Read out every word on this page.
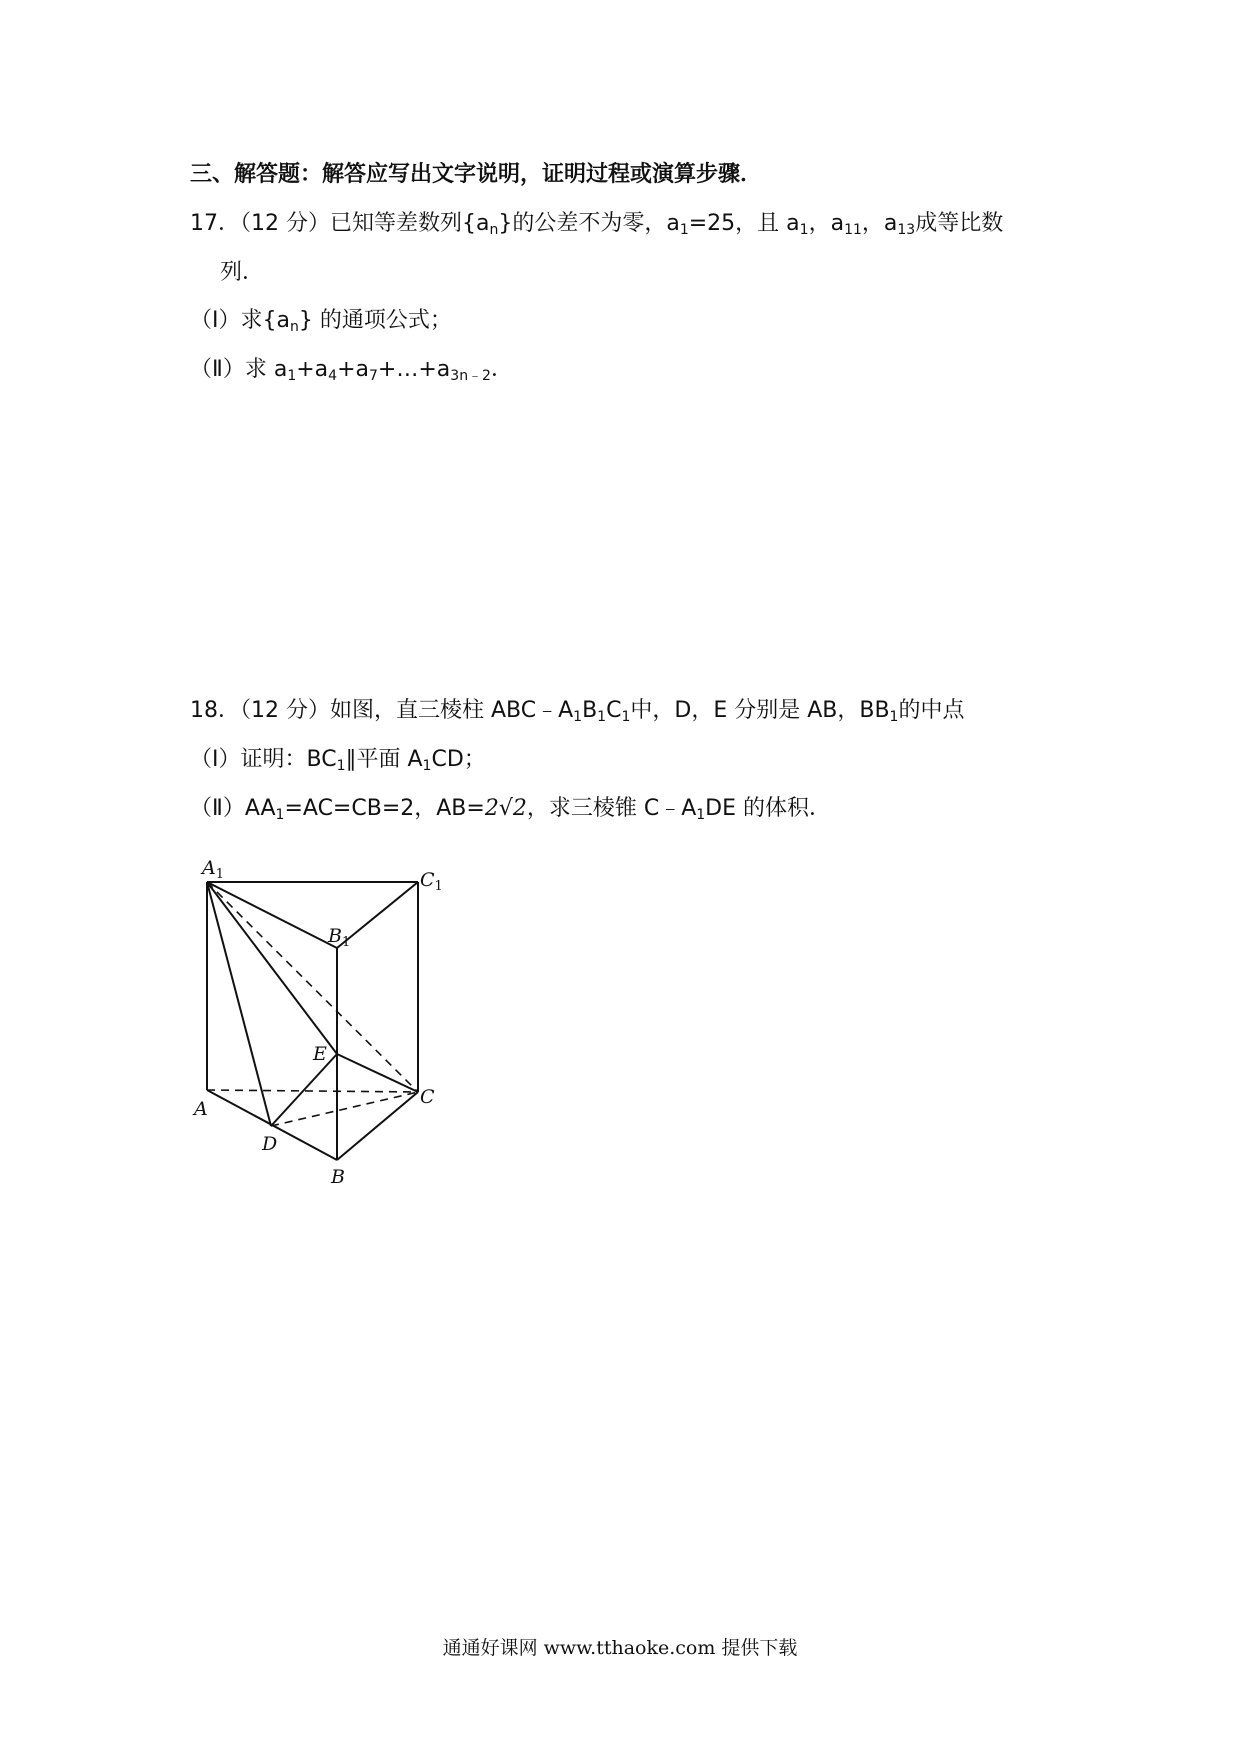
三、解答题：解答应写出文字说明，证明过程或演算步骤．
17．（12 分）已知等差数列$\{a_n\}$的公差不为零，$a_1=25$，且 $a_1$，$a_{11}$，$a_{13}$成等比数
列．
（Ⅰ）求$\{a_n\}$ 的通项公式；
（Ⅱ）求 $a_1+a_4+a_7+\dots+a_{3n﹣2}$．
18．（12 分）如图，直三棱柱 $ABC﹣A_1B_1C_1$中，D，E 分别是 AB，$BB_1$的中点
（Ⅰ）证明：$BC_1\parallel$平面 $A_1CD$；
$(Ⅱ)AA_1=AC=CB=2$，AB=2√2，求三棱锥 $C﹣A_1DE$ 的体积．
$A_1$	$C_1$
$B_1$
E
A
C
D
B
通通好课网 www.tthaoke.com 提供下载
